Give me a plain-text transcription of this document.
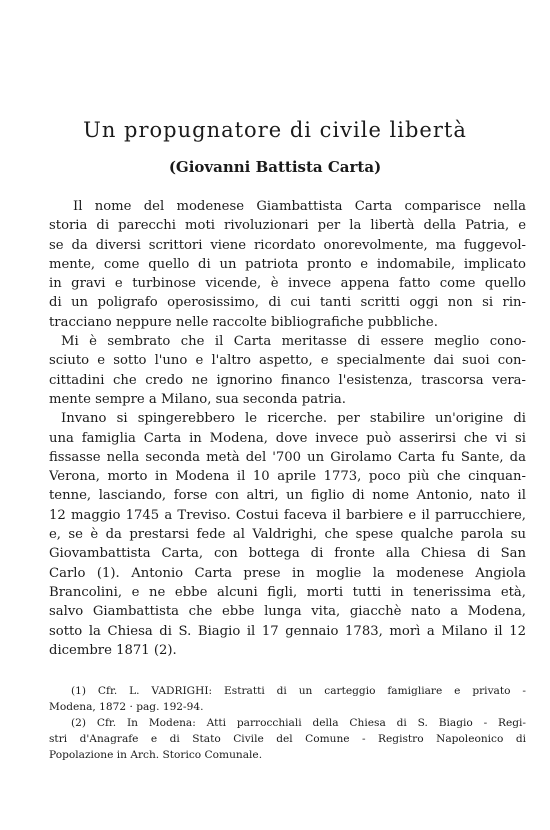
Un propugnatore di civile libertà
(Giovanni Battista Carta)
Il nome del modenese Giambattista Carta comparisce nella
storia di parecchi moti rivoluzionari per la libertà della Patria, e
se da diversi scrittori viene ricordato onorevolmente, ma fuggevol-
mente, come quello di un patriota pronto e indomabile, implicato
in gravi e turbinose vicende, è invece appena fatto come quello
di un poligrafo operosissimo, di cui tanti scritti oggi non si rin-
tracciano neppure nelle raccolte bibliografiche pubbliche.
Mi è sembrato che il Carta meritasse di essere meglio cono-
sciuto e sotto l'uno e l'altro aspetto, e specialmente dai suoi con-
cittadini che credo ne ignorino financo l'esistenza, trascorsa vera-
mente sempre a Milano, sua seconda patria.
Invano si spingerebbero le ricerche. per stabilire un'origine di
una famiglia Carta in Modena, dove invece può asserirsi che vi si
fissasse nella seconda metà del '700 un Girolamo Carta fu Sante, da
Verona, morto in Modena il 10 aprile 1773, poco più che cinquan-
tenne, lasciando, forse con altri, un figlio di nome Antonio, nato il
12 maggio 1745 a Treviso. Costui faceva il barbiere e il parrucchiere,
e, se è da prestarsi fede al Valdrighi, che spese qualche parola su
Giovambattista Carta, con bottega di fronte alla Chiesa di San
Carlo (1). Antonio Carta prese in moglie la modenese Angiola
Brancolini, e ne ebbe alcuni figli, morti tutti in tenerissima età,
salvo Giambattista che ebbe lunga vita, giacchè nato a Modena,
sotto la Chiesa di S. Biagio il 17 gennaio 1783, morì a Milano il 12
dicembre 1871 (2).
(1) Cfr. L. VADRIGHI: Estratti di un carteggio famigliare e privato -
Modena, 1872 · pag. 192-94.
(2) Cfr. In Modena: Atti parrocchiali della Chiesa di S. Biagio - Regi-
stri d'Anagrafe e di Stato Civile del Comune - Registro Napoleonico di
Popolazione in Arch. Storico Comunale.
